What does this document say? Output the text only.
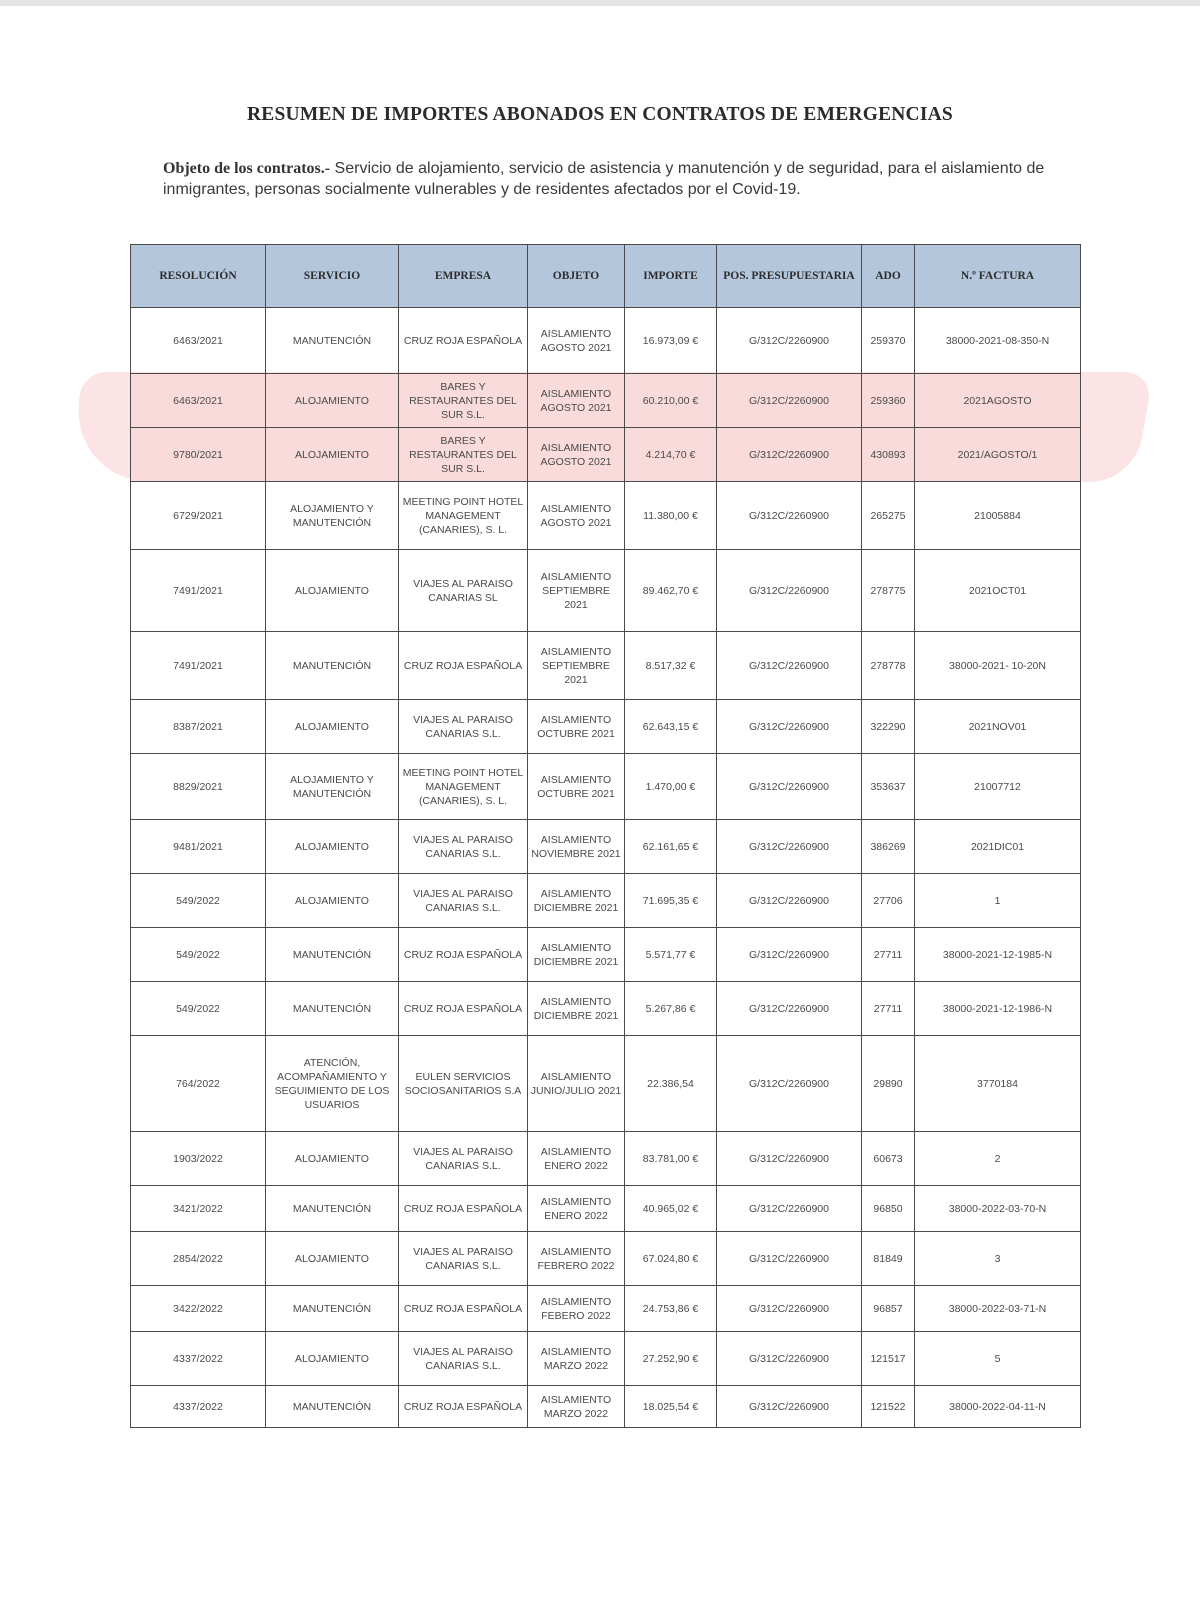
RESUMEN DE IMPORTES ABONADOS EN CONTRATOS DE EMERGENCIAS
Objeto de los contratos.- Servicio de alojamiento, servicio de asistencia y manutención y de seguridad, para el aislamiento de inmigrantes, personas socialmente vulnerables y de residentes afectados por el Covid-19.
RESOLUCIÓN	SERVICIO	EMPRESA	OBJETO	IMPORTE	POS. PRESUPUESTARIA	ADO	N.º FACTURA
6463/2021	MANUTENCIÓN	CRUZ ROJA ESPAÑOLA	AISLAMIENTO AGOSTO 2021	16.973,09 €	G/312C/2260900	259370	38000-2021-08-350-N
6463/2021	ALOJAMIENTO	BARES Y RESTAURANTES DEL SUR S.L.	AISLAMIENTO AGOSTO 2021	60.210,00 €	G/312C/2260900	259360	2021AGOSTO
9780/2021	ALOJAMIENTO	BARES Y RESTAURANTES DEL SUR S.L.	AISLAMIENTO AGOSTO 2021	4.214,70 €	G/312C/2260900	430893	2021/AGOSTO/1
6729/2021	ALOJAMIENTO Y MANUTENCIÓN	MEETING POINT HOTEL MANAGEMENT (CANARIES), S. L.	AISLAMIENTO AGOSTO 2021	11.380,00 €	G/312C/2260900	265275	21005884
7491/2021	ALOJAMIENTO	VIAJES AL PARAISO CANARIAS SL	AISLAMIENTO SEPTIEMBRE 2021	89.462,70 €	G/312C/2260900	278775	2021OCT01
7491/2021	MANUTENCIÓN	CRUZ ROJA ESPAÑOLA	AISLAMIENTO SEPTIEMBRE 2021	8.517,32 €	G/312C/2260900	278778	38000-2021- 10-20N
8387/2021	ALOJAMIENTO	VIAJES AL PARAISO CANARIAS S.L.	AISLAMIENTO OCTUBRE 2021	62.643,15 €	G/312C/2260900	322290	2021NOV01
8829/2021	ALOJAMIENTO Y MANUTENCIÓN	MEETING POINT HOTEL MANAGEMENT (CANARIES), S. L.	AISLAMIENTO OCTUBRE 2021	1.470,00 €	G/312C/2260900	353637	21007712
9481/2021	ALOJAMIENTO	VIAJES AL PARAISO CANARIAS S.L.	AISLAMIENTO NOVIEMBRE 2021	62.161,65 €	G/312C/2260900	386269	2021DIC01
549/2022	ALOJAMIENTO	VIAJES AL PARAISO CANARIAS S.L.	AISLAMIENTO DICIEMBRE 2021	71.695,35 €	G/312C/2260900	27706	1
549/2022	MANUTENCIÓN	CRUZ ROJA ESPAÑOLA	AISLAMIENTO DICIEMBRE 2021	5.571,77 €	G/312C/2260900	27711	38000-2021-12-1985-N
549/2022	MANUTENCIÓN	CRUZ ROJA ESPAÑOLA	AISLAMIENTO DICIEMBRE 2021	5.267,86 €	G/312C/2260900	27711	38000-2021-12-1986-N
764/2022	ATENCIÓN, ACOMPAÑAMIENTO Y SEGUIMIENTO DE LOS USUARIOS	EULEN SERVICIOS SOCIOSANITARIOS S.A	AISLAMIENTO JUNIO/JULIO 2021	22.386,54	G/312C/2260900	29890	3770184
1903/2022	ALOJAMIENTO	VIAJES AL PARAISO CANARIAS S.L.	AISLAMIENTO ENERO 2022	83.781,00 €	G/312C/2260900	60673	2
3421/2022	MANUTENCIÓN	CRUZ ROJA ESPAÑOLA	AISLAMIENTO ENERO 2022	40.965,02 €	G/312C/2260900	96850	38000-2022-03-70-N
2854/2022	ALOJAMIENTO	VIAJES AL PARAISO CANARIAS S.L.	AISLAMIENTO FEBRERO 2022	67.024,80 €	G/312C/2260900	81849	3
3422/2022	MANUTENCIÓN	CRUZ ROJA ESPAÑOLA	AISLAMIENTO FEBERO 2022	24.753,86 €	G/312C/2260900	96857	38000-2022-03-71-N
4337/2022	ALOJAMIENTO	VIAJES AL PARAISO CANARIAS S.L.	AISLAMIENTO MARZO 2022	27.252,90 €	G/312C/2260900	121517	5
4337/2022	MANUTENCIÓN	CRUZ ROJA ESPAÑOLA	AISLAMIENTO MARZO 2022	18.025,54 €	G/312C/2260900	121522	38000-2022-04-11-N
